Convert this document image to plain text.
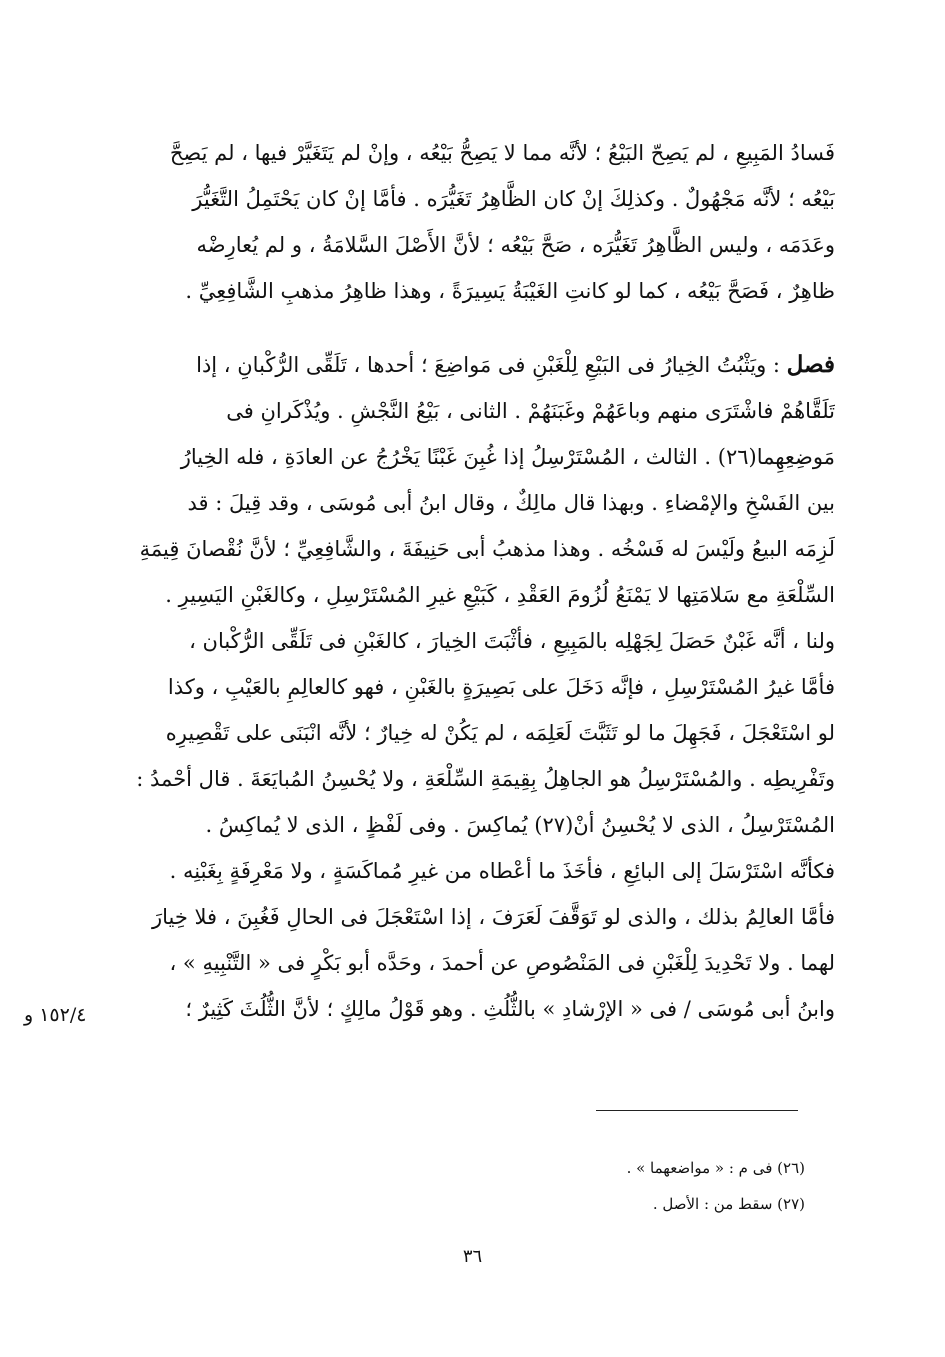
فَسادُ المَبِيعِ ، لم يَصِحّ البَيْعُ ؛ لأنَّه مما لا يَصِحُّ بَيْعُه ، وإنْ لم يَتَغَيَّرْ فيها ، لم يَصِحَّ
بَيْعُه ؛ لأنَّه مَجْهُولٌ . وكذلِكَ إنْ كان الظَّاهِرُ تَغَيُّرَه . فأمَّا إنْ كان يَحْتَمِلُ التَّغَيُّرَ
وعَدَمَه ، وليس الظَّاهِرُ تَغَيُّرَه ، صَحَّ بَيْعُه ؛ لأنَّ الأَصْلَ السَّلامَةُ ، و لم يُعارِضْه
ظاهِرٌ ، فَصَحَّ بَيْعُه ، كما لو كانتِ الغَيْبَةُ يَسِيرَةً ، وهذا ظاهِرُ مذهبِ الشَّافِعِيِّ .
فصل : ويَثْبُتُ الخِيارُ فى البَيْعِ لِلْغَبْنِ فى مَواضِعَ ؛ أحدها ، تَلَقِّى الرُّكْبانِ ، إذا
تَلَقَّاهُمْ فاشْتَرَى منهم وباعَهُمْ وغَبَنَهُمْ . الثانى ، بَيْعُ النَّجْشِ . ويُذْكَرانِ فى
مَوضِعِهِما(٢٦) . الثالث ، المُسْتَرْسِلُ إذا غُبِنَ غَبْنًا يَخْرُجُ عن العادَةِ ، فله الخِيارُ
بين الفَسْخِ والإمْضاءِ . وبهذا قال مالِكٌ ، وقال ابنُ أبى مُوسَى ، وقد قِيلَ : قد
لَزِمَه البيعُ ولَيْسَ له فَسْخُه . وهذا مذهبُ أبى حَنِيفَةَ ، والشَّافِعِيِّ ؛ لأنَّ نُقْصانَ قِيمَةِ
السِّلْعَةِ مع سَلامَتِها لا يَمْنَعُ لُزُومَ العَقْدِ ، كَبَيْعِ غيرِ المُسْتَرْسِلِ ، وكالغَبْنِ اليَسِيرِ .
ولنا ، أنَّه غَبْنٌ حَصَلَ لِجَهْلِه بالمَبِيعِ ، فأثْبَتَ الخِيارَ ، كالغَبْنِ فى تَلَقِّى الرُّكْبان ،
فأمَّا غيرُ المُسْتَرْسِلِ ، فإنَّه دَخَلَ على بَصِيرَةٍ بالغَبْنِ ، فهو كالعالِمِ بالعَيْبِ ، وكذا
لو اسْتَعْجَلَ ، فَجَهِلَ ما لو تَثَبَّتَ لَعَلِمَه ، لم يَكُنْ له خِيارٌ ؛ لأنَّه انْبَنَى على تَقْصِيرِه
وتَفْرِيطِه . والمُسْتَرْسِلُ هو الجاهِلُ بِقِيمَةِ السِّلْعَةِ ، ولا يُحْسِنُ المُبايَعَةَ . قال أحْمدُ :
المُسْتَرْسِلُ ، الذى لا يُحْسِنُ أنْ(٢٧) يُماكِسَ . وفى لَفْظٍ ، الذى لا يُماكِسُ .
فكأنَّه اسْتَرْسَلَ إلى البائِعِ ، فأخَذَ ما أعْطاه من غيرِ مُماكَسَةٍ ، ولا مَعْرِفَةٍ بِغَبْنِه .
فأمَّا العالِمُ بذلك ، والذى لو تَوَقَّفَ لَعَرَفَ ، إذا اسْتَعْجَلَ فى الحالِ فَغُبِنَ ، فلا خِيارَ
لهما . ولا تَحْدِيدَ لِلْغَبْنِ فى المَنْصُوصِ عن أحمدَ ، وحَدَّه أبو بَكْرٍ فى « التَّنْبِيهِ » ،
وابنُ أبى مُوسَى / فى « الإرْشادِ » بالثُّلُثِ . وهو قَوْلُ مالِكٍ ؛ لأنَّ الثُّلُثَ كَثِيرٌ ؛
١٥٢/٤ و
(٢٦) فى م : « مواضعهما » .
(٢٧) سقط من : الأصل .
٣٦
